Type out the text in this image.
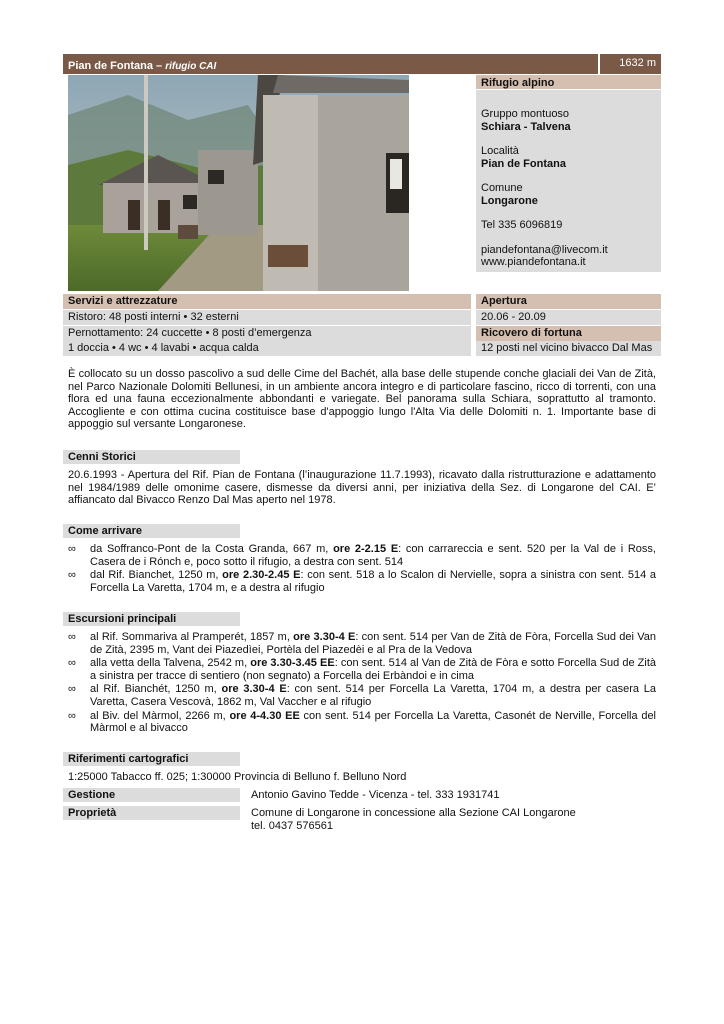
Pian de Fontana – rifugio CAI	1632 m
Rifugio alpino

Gruppo montuoso
Schiara - Talvena

Località
Pian de Fontana

Comune
Longarone

Tel 335 6096819

piandefontana@livecom.it
www.piandefontana.it

Servizi e attrezzature
Ristoro: 48 posti interni • 32 esterni
Pernottamento: 24 cuccette • 8 posti d’emergenza
1 doccia • 4 wc • 4 lavabi • acqua calda
Apertura
20.06 - 20.09
Ricovero di fortuna
12 posti nel vicino bivacco Dal Mas
È collocato su un dosso pascolivo a sud delle Cime del Bachét, alla base delle stupende conche glaciali dei Van de Zità, nel Parco Nazionale Dolomiti Bellunesi, in un ambiente ancora integro e di particolare fascino, ricco di torrenti, con una flora ed una fauna eccezionalmente abbondanti e variegate. Bel panorama sulla Schiara, soprattutto al tramonto. Accogliente e con ottima cucina costituisce base d'appoggio lungo l'Alta Via delle Dolomiti n. 1. Importante base di appoggio sul versante Longaronese.
Cenni Storici
20.6.1993 - Apertura del Rif. Pian de Fontana (l’inaugurazione 11.7.1993), ricavato dalla ristrutturazione e adattamento nel 1984/1989 delle omonime casere, dismesse da diversi anni, per iniziativa della Sez. di Longarone del CAI. E’ affiancato dal Bivacco Renzo Dal Mas aperto nel 1978.
Come arrivare
∞ da Soffranco-Pont de la Costa Granda, 667 m, ore 2-2.15 E: con carrareccia e sent. 520 per la Val de i Ross, Casera de i Rónch e, poco sotto il rifugio, a destra con sent. 514
∞ dal Rif. Bianchet, 1250 m, ore 2.30-2.45 E: con sent. 518 a lo Scalon di Nervielle, sopra a sinistra con sent. 514 a Forcella La Varetta, 1704 m, e a destra al rifugio
Escursioni principali
∞ al Rif. Sommariva al Pramperét, 1857 m, ore 3.30-4 E: con sent. 514 per Van de Zità de Fòra, Forcella Sud dei Van de Zità, 2395 m, Vant dei Piazedìei, Portèla del Piazedèi e al Pra de la Vedova
∞ alla vetta della Talvena, 2542 m, ore 3.30-3.45 EE: con sent. 514 al Van de Zità de Fòra e sotto Forcella Sud de Zità a sinistra per tracce di sentiero (non segnato) a Forcella dei Erbàndoi e in cima
∞ al Rif. Bianchét, 1250 m, ore 3.30-4 E: con sent. 514 per Forcella La Varetta, 1704 m, a destra per casera La Varetta, Casera Vescovà, 1862 m, Val Vaccher e al rifugio
∞ al Biv. del Màrmol, 2266 m, ore 4-4.30 EE con sent. 514 per Forcella La Varetta, Casonét de Nerville, Forcella del Màrmol e al bivacco
Riferimenti cartografici
1:25000 Tabacco ff. 025; 1:30000 Provincia di Belluno f. Belluno Nord
Gestione	Antonio Gavino Tedde - Vicenza - tel. 333 1931741
Proprietà	Comune di Longarone in concessione alla Sezione CAI Longarone
tel. 0437 576561
